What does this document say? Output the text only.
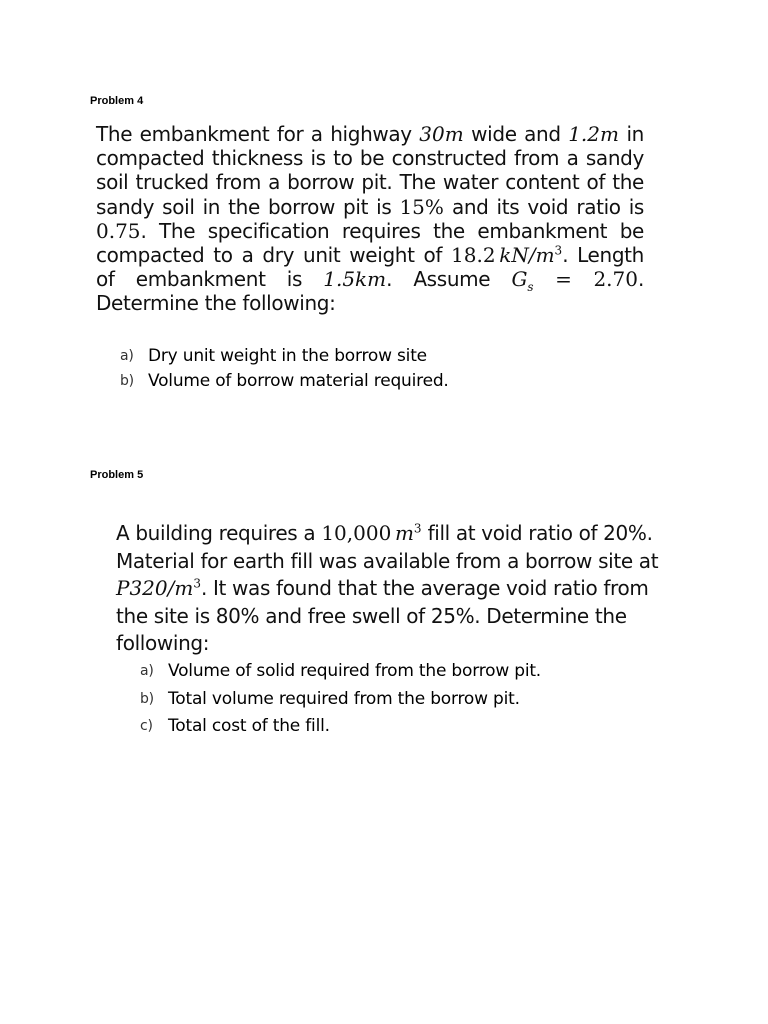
Problem 4

The embankment for a highway 30m wide and 1.2m in compacted thickness is to be constructed from a sandy soil trucked from a borrow pit. The water content of the sandy soil in the borrow pit is 15% and its void ratio is 0.75. The specification requires the embankment be compacted to a dry unit weight of 18.2  $kN/m^3$. Length of embankment is 1.5km. Assume $G_s = 2.70$. Determine the following:

a) Dry unit weight in the borrow site
b) Volume of borrow material required.
Problem 5

A building requires a 10,000  $m^3$ fill at void ratio of 20%. Material for earth fill was available from a borrow site at $P320/m^3$. It was found that the average void ratio from the site is 80% and free swell of 25%. Determine the following:

a) Volume of solid required from the borrow pit.
b) Total volume required from the borrow pit.
c) Total cost of the fill.
